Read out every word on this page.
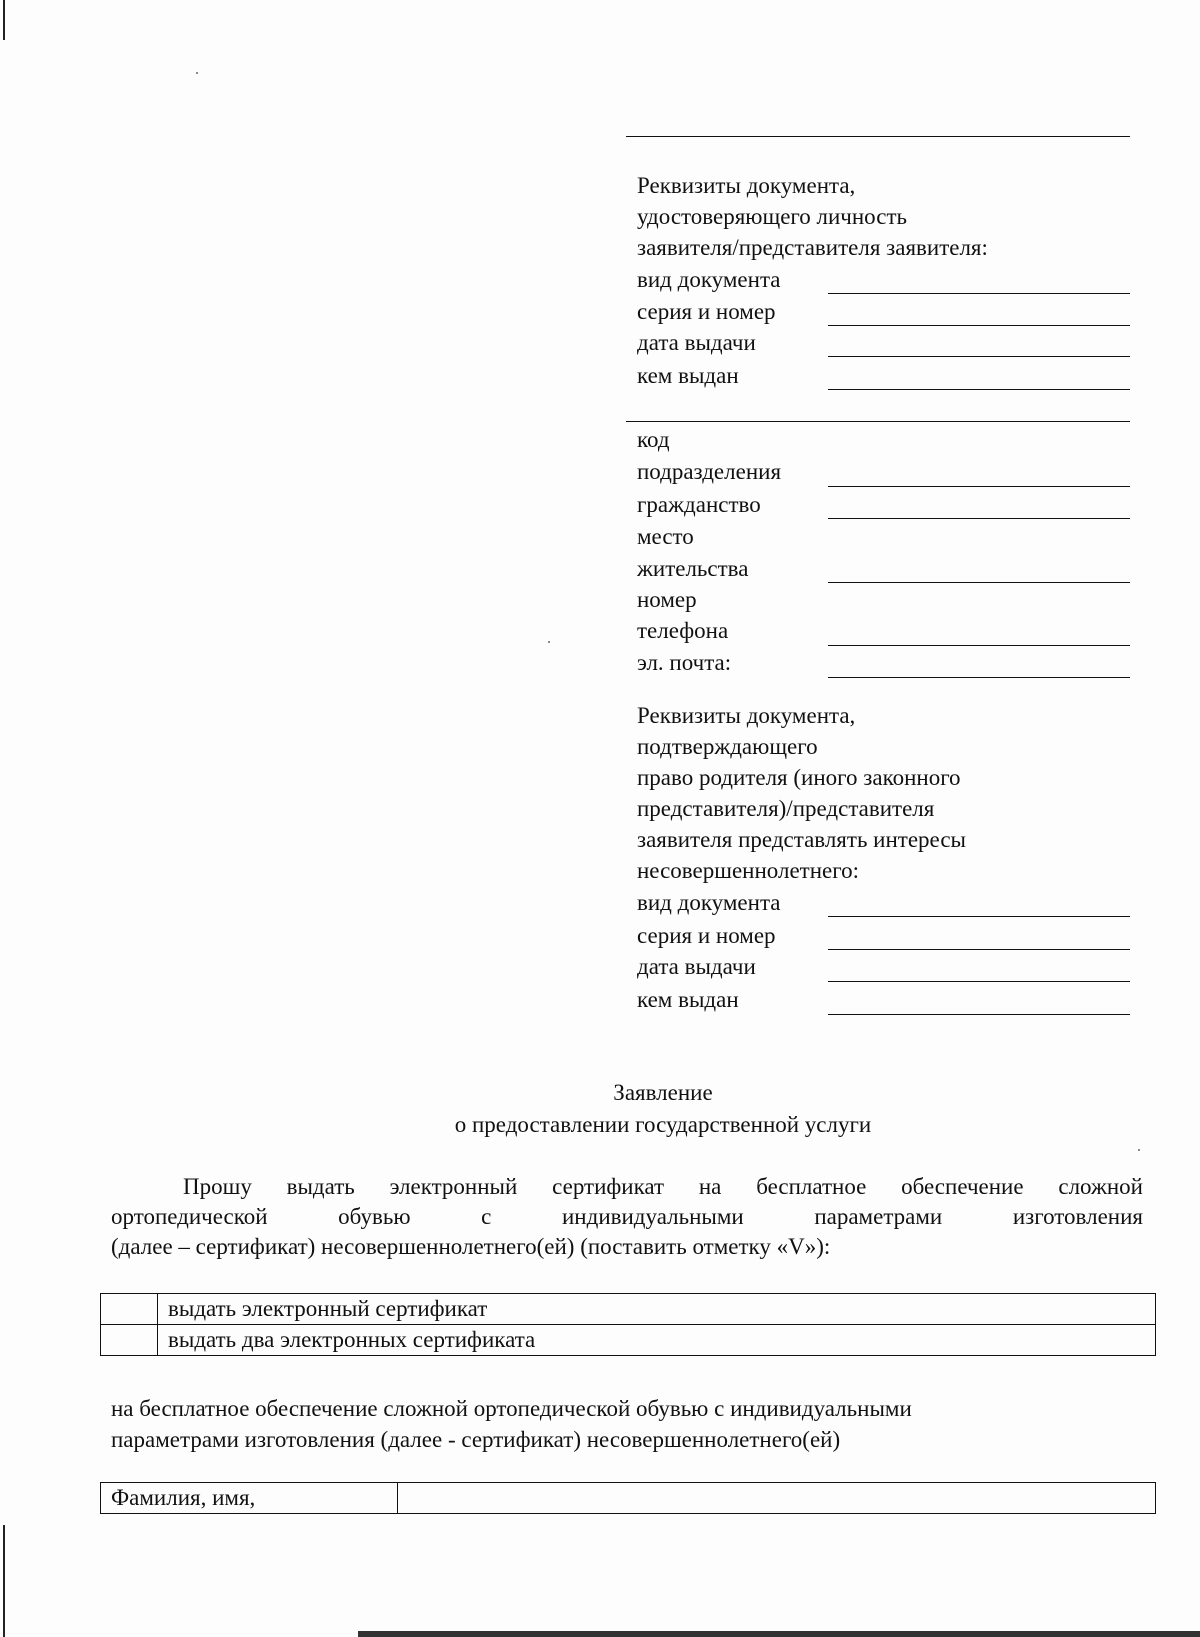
Реквизиты документа,
удостоверяющего личность
заявителя/представителя заявителя:
вид документа
серия и номер
дата выдачи
кем выдан
код
подразделения
гражданство
место
жительства
номер
телефона
эл. почта:
Реквизиты документа,
подтверждающего
право родителя (иного законного
представителя)/представителя
заявителя представлять интересы
несовершеннолетнего:
вид документа
серия и номер
дата выдачи
кем выдан
Заявление
о предоставлении государственной услуги
Прошу выдать электронный сертификат на бесплатное обеспечение сложной
ортопедической обувью с индивидуальными параметрами изготовления
(далее – сертификат) несовершеннолетнего(ей) (поставить отметку «V»):
	выдать электронный сертификат
	выдать два электронных сертификата
на бесплатное обеспечение сложной ортопедической обувью с индивидуальными
параметрами изготовления (далее - сертификат) несовершеннолетнего(ей)
Фамилия, имя,	
